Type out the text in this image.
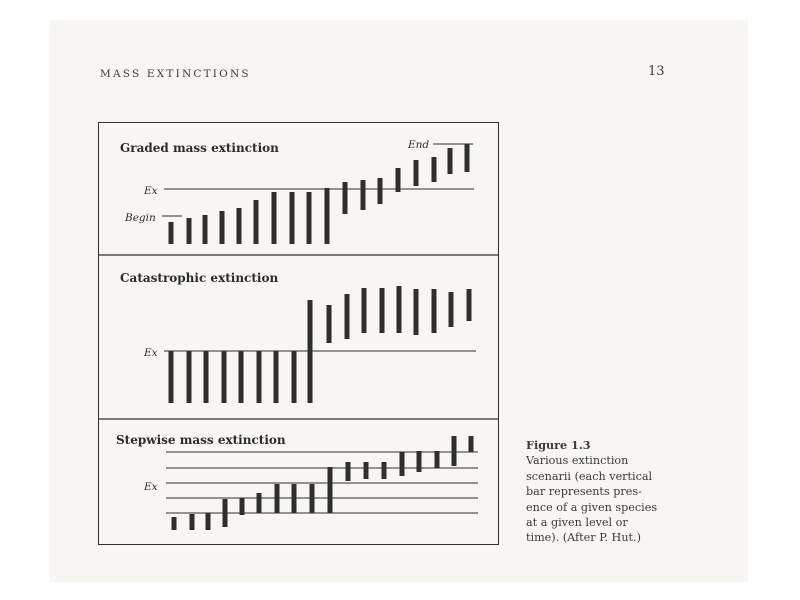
MASS EXTINCTIONS	13
Graded mass extinction	End
Ex
Begin
Catastrophic extinction
Ex
Stepwise mass extinction
Ex
Figure 1.3
Various extinction
scenarii (each vertical
bar represents pres-
ence of a given species
at a given level or
time). (After P. Hut.)
